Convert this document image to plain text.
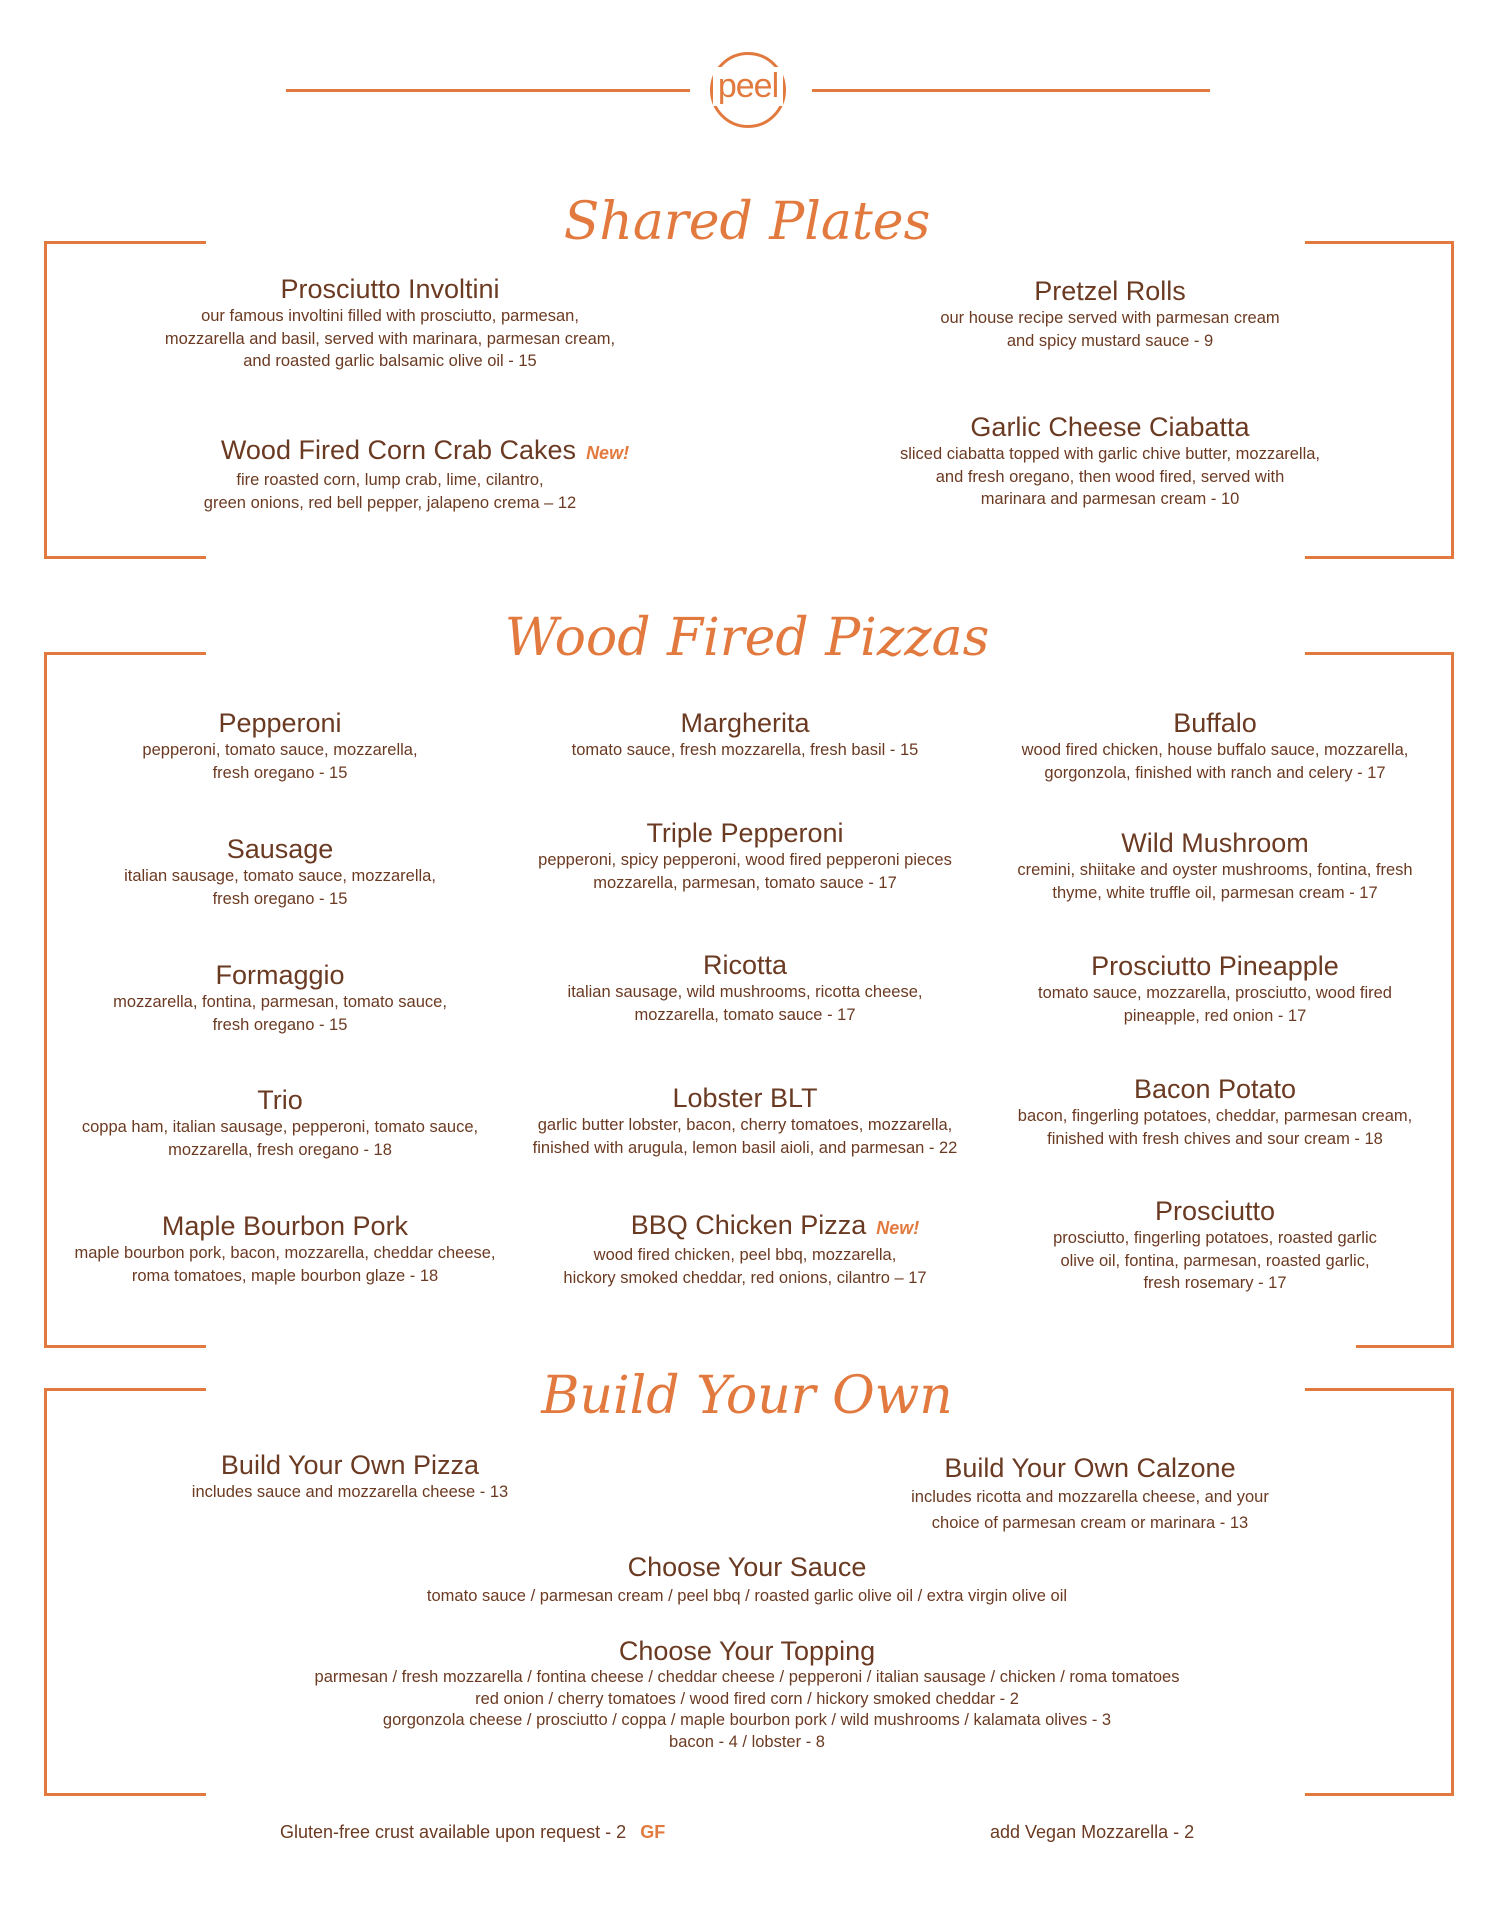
peel
Shared Plates
Prosciutto Involtini
our famous involtini filled with prosciutto, parmesan,
mozzarella and basil, served with marinara, parmesan cream,
and roasted garlic balsamic olive oil - 15
Wood Fired Corn Crab Cakes New!
fire roasted corn, lump crab, lime, cilantro,
green onions, red bell pepper, jalapeno crema – 12
Pretzel Rolls
our house recipe served with parmesan cream
and spicy mustard sauce - 9
Garlic Cheese Ciabatta
sliced ciabatta topped with garlic chive butter, mozzarella,
and fresh oregano, then wood fired, served with
marinara and parmesan cream - 10
Wood Fired Pizzas
Pepperoni
pepperoni, tomato sauce, mozzarella,
fresh oregano - 15
Sausage
italian sausage, tomato sauce, mozzarella,
fresh oregano - 15
Formaggio
mozzarella, fontina, parmesan, tomato sauce,
fresh oregano - 15
Trio
coppa ham, italian sausage, pepperoni, tomato sauce,
mozzarella, fresh oregano - 18
Maple Bourbon Pork
maple bourbon pork, bacon, mozzarella, cheddar cheese,
roma tomatoes, maple bourbon glaze - 18
Margherita
tomato sauce, fresh mozzarella, fresh basil - 15
Triple Pepperoni
pepperoni, spicy pepperoni, wood fired pepperoni pieces
mozzarella, parmesan, tomato sauce - 17
Ricotta
italian sausage, wild mushrooms, ricotta cheese,
mozzarella, tomato sauce - 17
Lobster BLT
garlic butter lobster, bacon, cherry tomatoes, mozzarella,
finished with arugula, lemon basil aioli, and parmesan - 22
BBQ Chicken Pizza New!
wood fired chicken, peel bbq, mozzarella,
hickory smoked cheddar, red onions, cilantro – 17
Buffalo
wood fired chicken, house buffalo sauce, mozzarella,
gorgonzola, finished with ranch and celery - 17
Wild Mushroom
cremini, shiitake and oyster mushrooms, fontina, fresh
thyme, white truffle oil, parmesan cream - 17
Prosciutto Pineapple
tomato sauce, mozzarella, prosciutto, wood fired
pineapple, red onion - 17
Bacon Potato
bacon, fingerling potatoes, cheddar, parmesan cream,
finished with fresh chives and sour cream - 18
Prosciutto
prosciutto, fingerling potatoes, roasted garlic
olive oil, fontina, parmesan, roasted garlic,
fresh rosemary - 17
Build Your Own
Build Your Own Pizza
includes sauce and mozzarella cheese - 13
Build Your Own Calzone
includes ricotta and mozzarella cheese, and your
choice of parmesan cream or marinara - 13
Choose Your Sauce
tomato sauce / parmesan cream / peel bbq / roasted garlic olive oil / extra virgin olive oil
Choose Your Topping
parmesan / fresh mozzarella / fontina cheese / cheddar cheese / pepperoni / italian sausage / chicken / roma tomatoes
red onion / cherry tomatoes / wood fired corn / hickory smoked cheddar - 2
gorgonzola cheese / prosciutto / coppa / maple bourbon pork / wild mushrooms / kalamata olives - 3
bacon - 4 / lobster - 8
Gluten-free crust available upon request - 2 GF	add Vegan Mozzarella - 2
